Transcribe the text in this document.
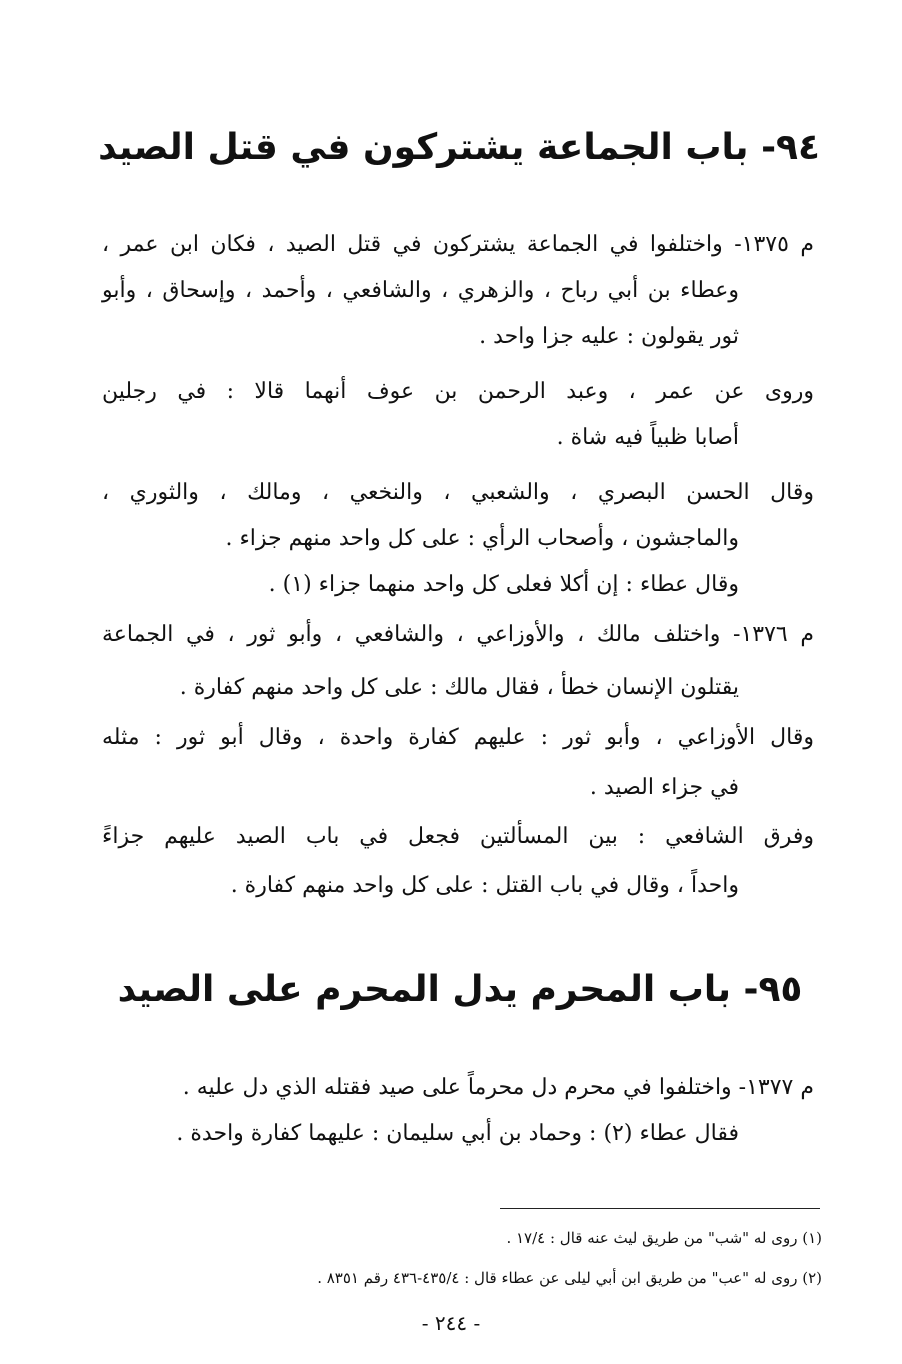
٩٤- باب الجماعة يشتركون في قتل الصيد
م ١٣٧٥- واختلفوا في الجماعة يشتركون في قتل الصيد ، فكان ابن عمر ،
وعطاء بن أبي رباح ، والزهري ، والشافعي ، وأحمد ، وإسحاق ، وأبو
ثور يقولون : عليه جزا واحد .
وروى عن عمر ، وعبد الرحمن بن عوف أنهما قالا : في رجلين
أصابا ظبياً فيه شاة .
وقال الحسن البصري ، والشعبي ، والنخعي ، ومالك ، والثوري ،
والماجشون ، وأصحاب الرأي : على كل واحد منهم جزاء .
وقال عطاء : إن أكلا فعلى كل واحد منهما جزاء (١) .
م ١٣٧٦- واختلف مالك ، والأوزاعي ، والشافعي ، وأبو ثور ، في الجماعة
يقتلون الإنسان خطأ ، فقال مالك : على كل واحد منهم كفارة .
وقال الأوزاعي ، وأبو ثور : عليهم كفارة واحدة ، وقال أبو ثور : مثله
في جزاء الصيد .
وفرق الشافعي : بين المسألتين فجعل في باب الصيد عليهم جزاءً
واحداً ، وقال في باب القتل : على كل واحد منهم كفارة .
٩٥- باب المحرم يدل المحرم على الصيد
م ١٣٧٧- واختلفوا في محرم دل محرماً على صيد فقتله الذي دل عليه .
فقال عطاء (٢) : وحماد بن أبي سليمان : عليهما كفارة واحدة .
(١) روى له "شب" من طريق ليث عنه قال : ١٧/٤ .
(٢) روى له "عب" من طريق ابن أبي ليلى عن عطاء قال : ٤٣٥/٤-٤٣٦ رقم ٨٣٥١ .
- ٢٤٤ -
